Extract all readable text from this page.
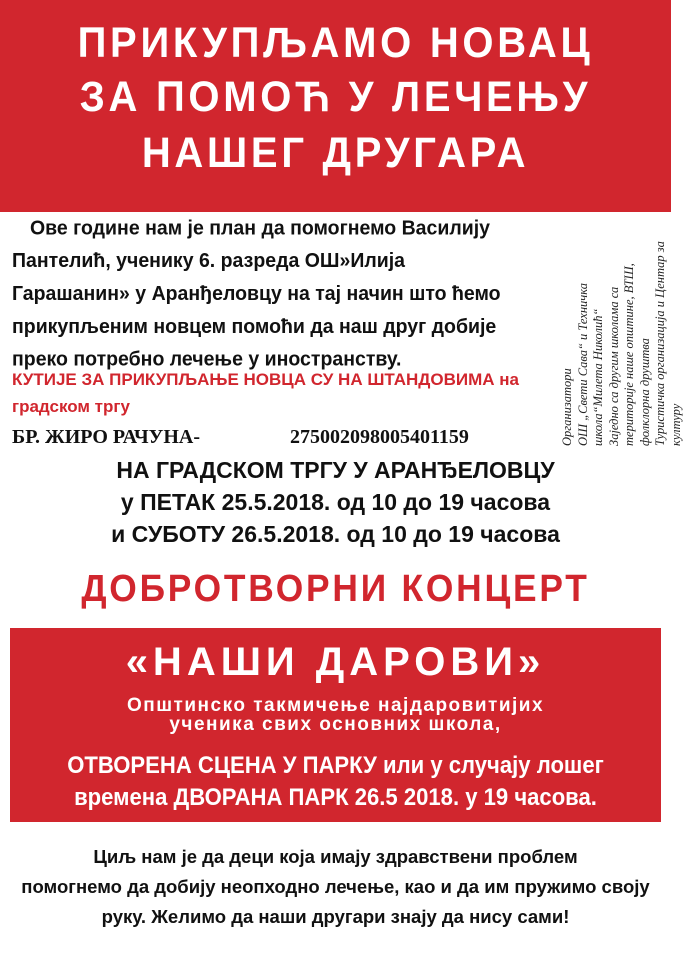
ПРИКУПЉАМО НОВАЦ
ЗА ПОМОЋ У ЛЕЧЕЊУ
НАШЕГ ДРУГАРА
Ове године нам је план да помогнемо Василију
Пантелић, ученику 6. разреда ОШ»Илија
Гарашанин» у Аранђеловцу на тај начин што ћемо
прикупљеним новцем помоћи да наш друг добије
преко потребно лечење у иностранству.
КУТИЈЕ ЗА ПРИКУПЉАЊЕ НОВЦА СУ НА ШТАНДОВИМА на
градском тргу
БР. ЖИРО РАЧУНА-	275002098005401159	Организатори ОШ „Свети Сава“ и Техничка школа“Милета Николић“ Заједно са другим школама са територије наше општине, ВТШ, фолклорна друштва Туристичка организација и Центар за културу
НА ГРАДСКОМ ТРГУ У АРАНЂЕЛОВЦУ
у ПЕТАК 25.5.2018. од 10 до 19 часова
и СУБОТУ 26.5.2018. од 10 до 19 часова
ДОБРОТВОРНИ КОНЦЕРТ
«НАШИ ДАРОВИ»
Општинско такмичење најдаровитијих
ученика свих основних школа,
ОТВОРЕНА СЦЕНА У ПАРКУ или у случају лошег
времена ДВОРАНА ПАРК 26.5 2018. у 19 часова.
Циљ нам је да деци која имају здравствени проблем
помогнемо да добију неопходно лечење, као и да им пружимо своју
руку. Желимо да наши другари знају да нису сами!
